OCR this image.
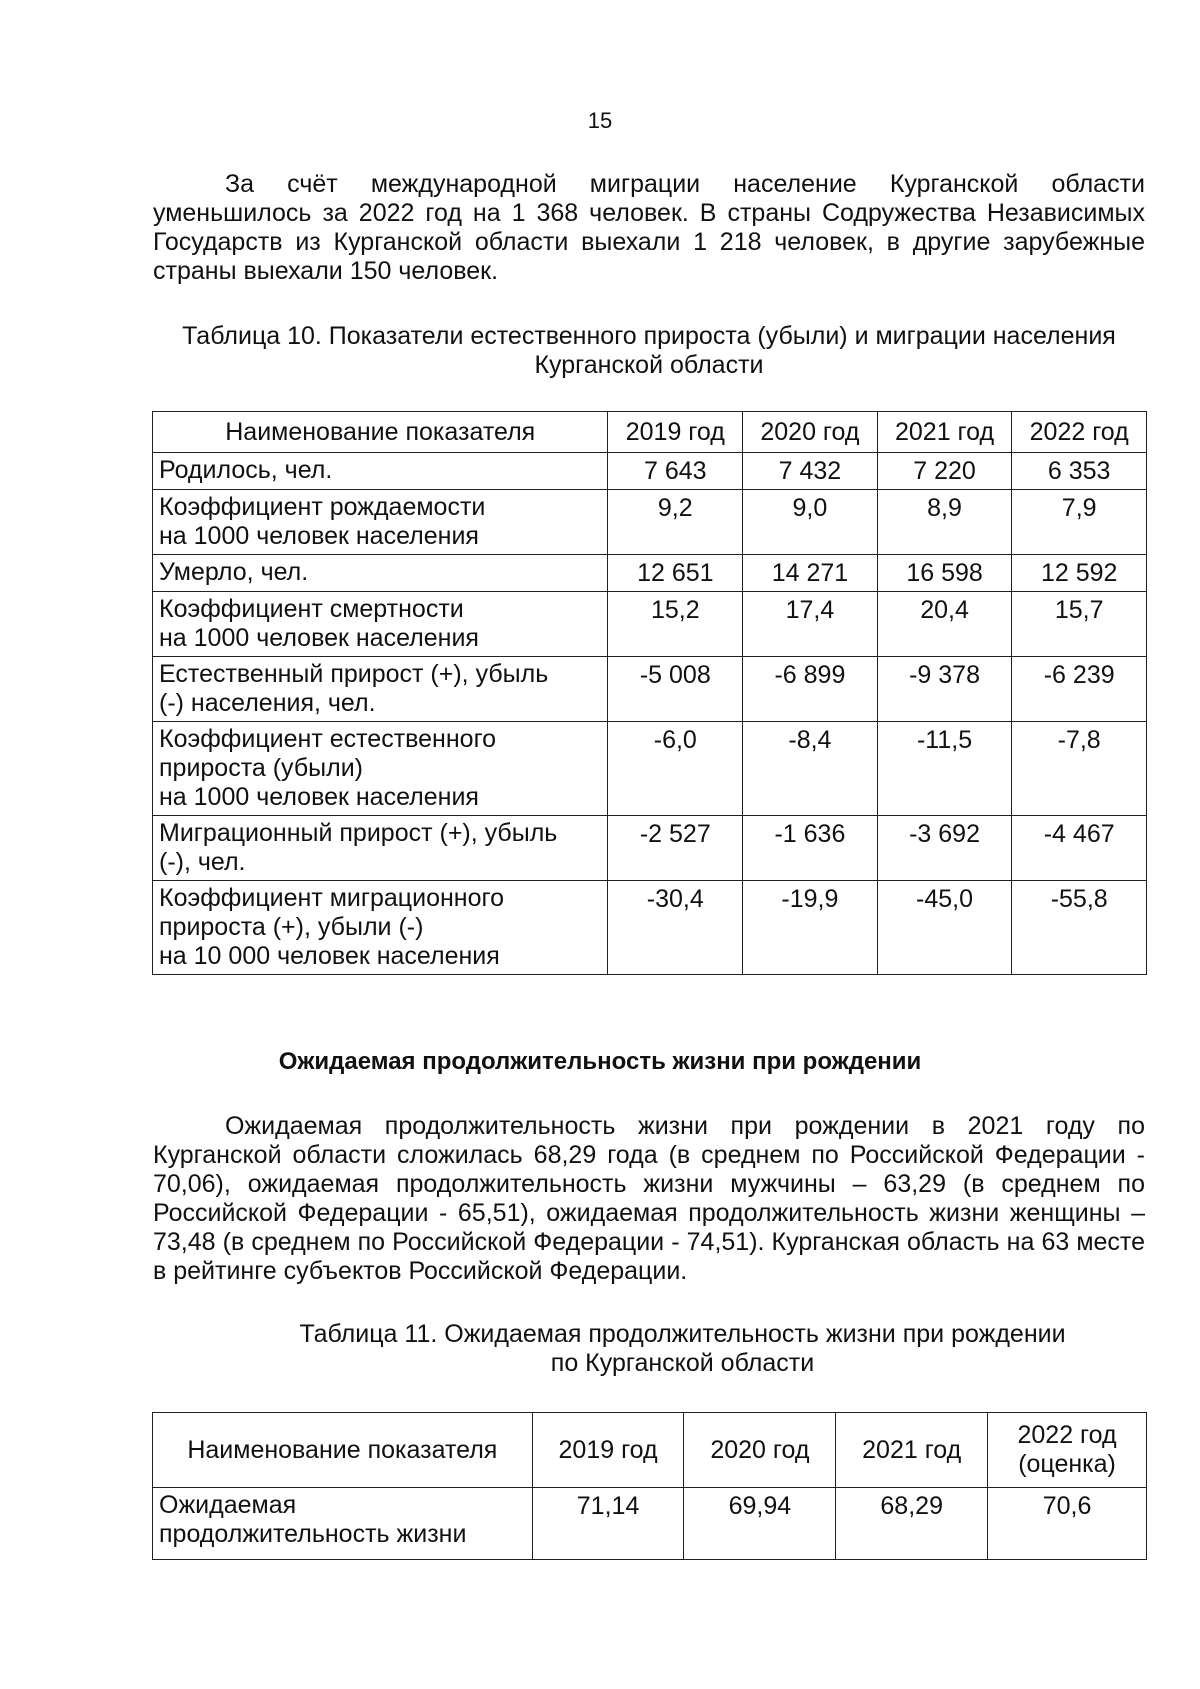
15

За счёт международной миграции население Курганской области уменьшилось за 2022 год на 1 368 человек. В страны Содружества Независимых Государств из Курганской области выехали 1 218 человек, в другие зарубежные страны выехали 150 человек.

Таблица 10. Показатели естественного прироста (убыли) и миграции населения
Курганской области
Наименование показателя	2019 год	2020 год	2021 год	2022 год
Родилось, чел.	7 643	7 432	7 220	6 353
Коэффициент рождаемости
на 1000 человек населения	9,2	9,0	8,9	7,9
Умерло, чел.	12 651	14 271	16 598	12 592
Коэффициент смертности
на 1000 человек населения	15,2	17,4	20,4	15,7
Естественный прирост (+), убыль
(-) населения, чел.	-5 008	-6 899	-9 378	-6 239
Коэффициент естественного
прироста (убыли)
на 1000 человек населения	-6,0	-8,4	-11,5	-7,8
Миграционный прирост (+), убыль
(-), чел.	-2 527	-1 636	-3 692	-4 467
Коэффициент миграционного
прироста (+), убыли (-)
на 10 000 человек населения	-30,4	-19,9	-45,0	-55,8
Ожидаемая продолжительность жизни при рождении

Ожидаемая продолжительность жизни при рождении в 2021 году по Курганской области сложилась 68,29 года (в среднем по Российской Федерации - 70,06), ожидаемая продолжительность жизни мужчины – 63,29 (в среднем по Российской Федерации - 65,51), ожидаемая продолжительность жизни женщины – 73,48 (в среднем по Российской Федерации - 74,51). Курганская область на 63 месте в рейтинге субъектов Российской Федерации.

Таблица 11. Ожидаемая продолжительность жизни при рождении
по Курганской области
Наименование показателя	2019 год	2020 год	2021 год	2022 год
(оценка)
Ожидаемая
продолжительность жизни	71,14	69,94	68,29	70,6
